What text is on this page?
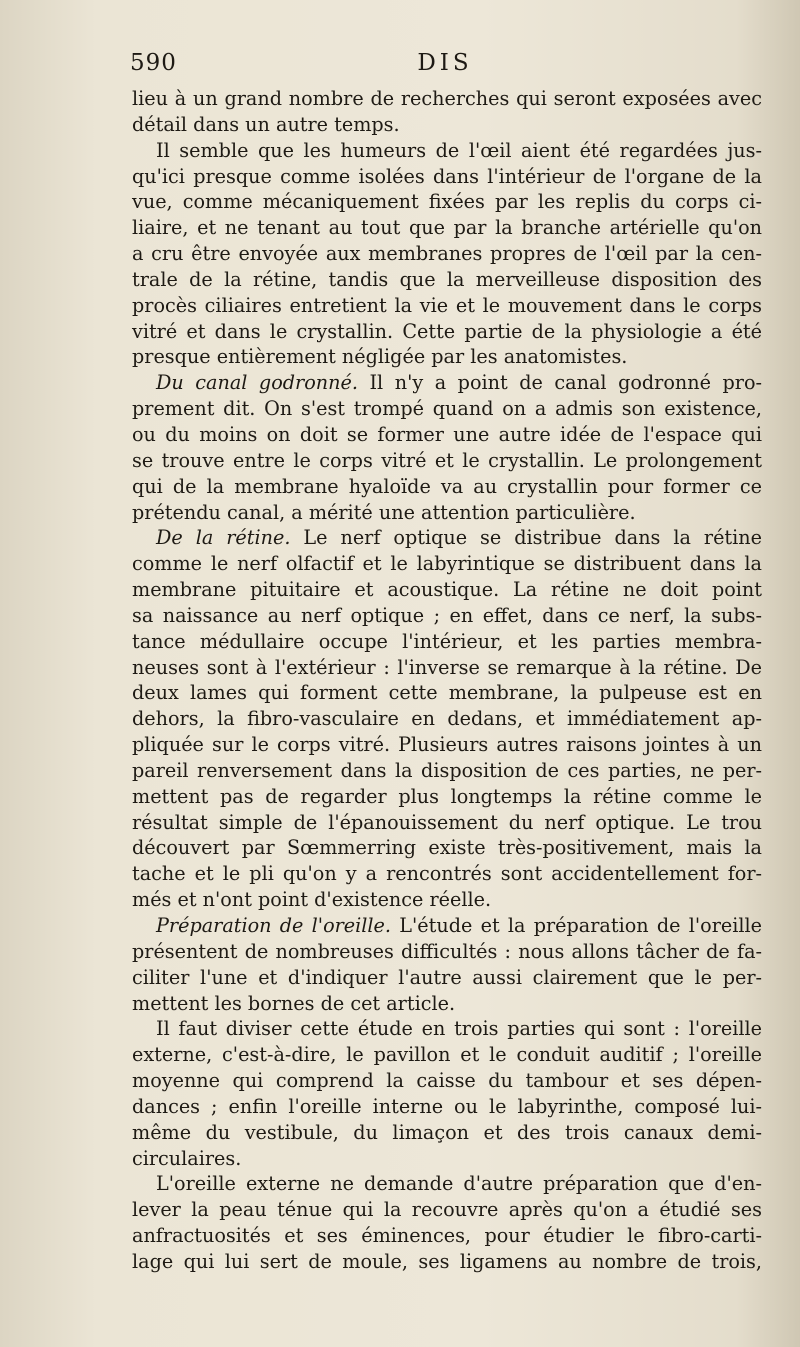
590	DIS
lieu à un grand nombre de recherches qui seront exposées avec
détail dans un autre temps.
Il semble que les humeurs de l'œil aient été regardées jus-
qu'ici presque comme isolées dans l'intérieur de l'organe de la
vue, comme mécaniquement fixées par les replis du corps ci-
liaire, et ne tenant au tout que par la branche artérielle qu'on
a cru être envoyée aux membranes propres de l'œil par la cen-
trale de la rétine, tandis que la merveilleuse disposition des
procès ciliaires entretient la vie et le mouvement dans le corps
vitré et dans le crystallin. Cette partie de la physiologie a été
presque entièrement négligée par les anatomistes.
Du canal godronné. Il n'y a point de canal godronné pro-
prement dit. On s'est trompé quand on a admis son existence,
ou du moins on doit se former une autre idée de l'espace qui
se trouve entre le corps vitré et le crystallin. Le prolongement
qui de la membrane hyaloïde va au crystallin pour former ce
prétendu canal, a mérité une attention particulière.
De la rétine. Le nerf optique se distribue dans la rétine
comme le nerf olfactif et le labyrintique se distribuent dans la
membrane pituitaire et acoustique. La rétine ne doit point
sa naissance au nerf optique ; en effet, dans ce nerf, la subs-
tance médullaire occupe l'intérieur, et les parties membra-
neuses sont à l'extérieur : l'inverse se remarque à la rétine. De
deux lames qui forment cette membrane, la pulpeuse est en
dehors, la fibro-vasculaire en dedans, et immédiatement ap-
pliquée sur le corps vitré. Plusieurs autres raisons jointes à un
pareil renversement dans la disposition de ces parties, ne per-
mettent pas de regarder plus longtemps la rétine comme le
résultat simple de l'épanouissement du nerf optique. Le trou
découvert par Sœmmerring existe très-positivement, mais la
tache et le pli qu'on y a rencontrés sont accidentellement for-
més et n'ont point d'existence réelle.
Préparation de l'oreille. L'étude et la préparation de l'oreille
présentent de nombreuses difficultés : nous allons tâcher de fa-
ciliter l'une et d'indiquer l'autre aussi clairement que le per-
mettent les bornes de cet article.
Il faut diviser cette étude en trois parties qui sont : l'oreille
externe, c'est-à-dire, le pavillon et le conduit auditif ; l'oreille
moyenne qui comprend la caisse du tambour et ses dépen-
dances ; enfin l'oreille interne ou le labyrinthe, composé lui-
même du vestibule, du limaçon et des trois canaux demi-
circulaires.
L'oreille externe ne demande d'autre préparation que d'en-
lever la peau ténue qui la recouvre après qu'on a étudié ses
anfractuosités et ses éminences, pour étudier le fibro-carti-
lage qui lui sert de moule, ses ligamens au nombre de trois,
